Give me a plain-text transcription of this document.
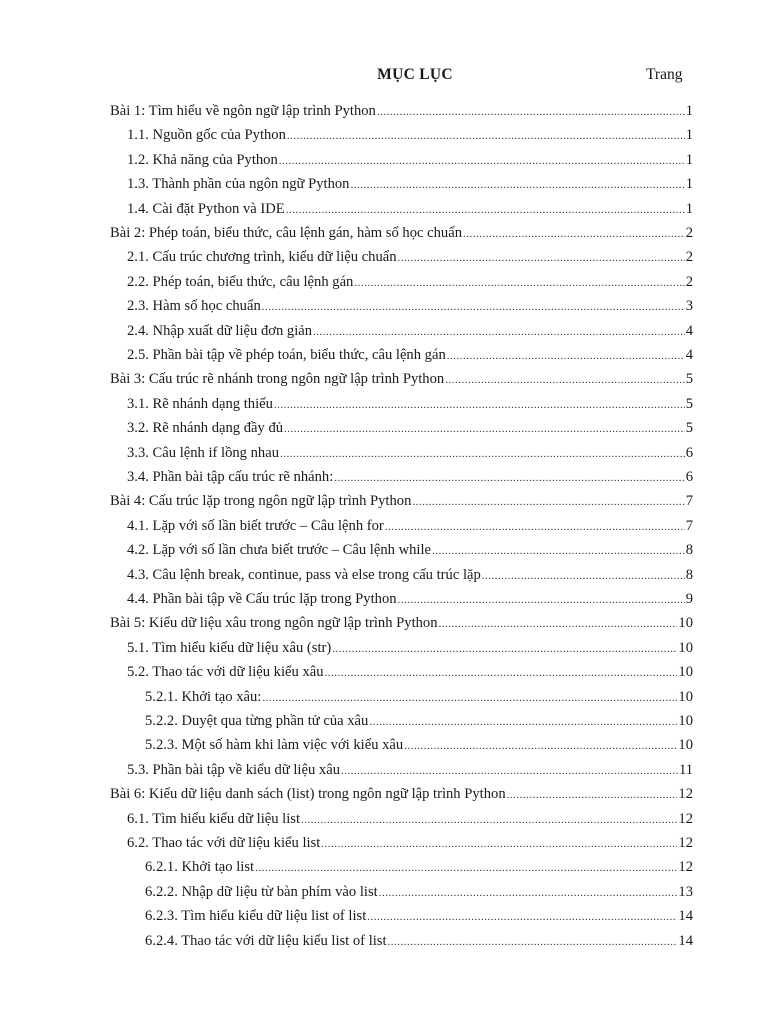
MỤC LỤC	Trang
Bài 1: Tìm hiểu về ngôn ngữ lập trình Python .....	1
1.1. Nguồn gốc của Python .....	1
1.2. Khả năng của Python .....	1
1.3. Thành phần của ngôn ngữ Python .....	1
1.4. Cài đặt Python và IDE .....	1
Bài 2: Phép toán, biểu thức, câu lệnh gán, hàm số học chuẩn .....	2
2.1. Cấu trúc chương trình, kiểu dữ liệu chuẩn .....	2
2.2. Phép toán, biểu thức, câu lệnh gán .....	2
2.3. Hàm số học chuẩn .....	3
2.4. Nhập xuất dữ liệu đơn giản .....	4
2.5. Phần bài tập về phép toán, biểu thức, câu lệnh gán .....	4
Bài 3: Cấu trúc rẽ nhánh trong ngôn ngữ lập trình Python .....	5
3.1. Rẽ nhánh dạng thiếu .....	5
3.2. Rẽ nhánh dạng đầy đủ .....	5
3.3. Câu lệnh if lồng nhau .....	6
3.4. Phần bài tập cấu trúc rẽ nhánh: .....	6
Bài 4: Cấu trúc lặp trong ngôn ngữ lập trình Python .....	7
4.1. Lặp với số lần biết trước – Câu lệnh for .....	7
4.2. Lặp với số lần chưa biết trước – Câu lệnh while .....	8
4.3. Câu lệnh break, continue, pass và else trong cấu trúc lặp .....	8
4.4. Phần bài tập về Cấu trúc lặp trong Python .....	9
Bài 5: Kiểu dữ liệu xâu trong ngôn ngữ lập trình Python .....	10
5.1. Tìm hiểu kiểu dữ liệu xâu (str) .....	10
5.2. Thao tác với dữ liệu kiểu xâu .....	10
5.2.1. Khởi tạo xâu: .....	10
5.2.2. Duyệt qua từng phần tử của xâu .....	10
5.2.3. Một số hàm khi làm việc với kiểu xâu .....	10
5.3. Phần bài tập về kiểu dữ liệu xâu .....	11
Bài 6: Kiểu dữ liệu danh sách (list) trong ngôn ngữ lập trình Python .....	12
6.1. Tìm hiểu kiểu dữ liệu list .....	12
6.2. Thao tác với dữ liệu kiểu list .....	12
6.2.1. Khởi tạo list .....	12
6.2.2. Nhập dữ liệu từ bàn phím vào list .....	13
6.2.3. Tìm hiểu kiểu dữ liệu list of list .....	14
6.2.4. Thao tác với dữ liệu kiểu list of list .....	14
